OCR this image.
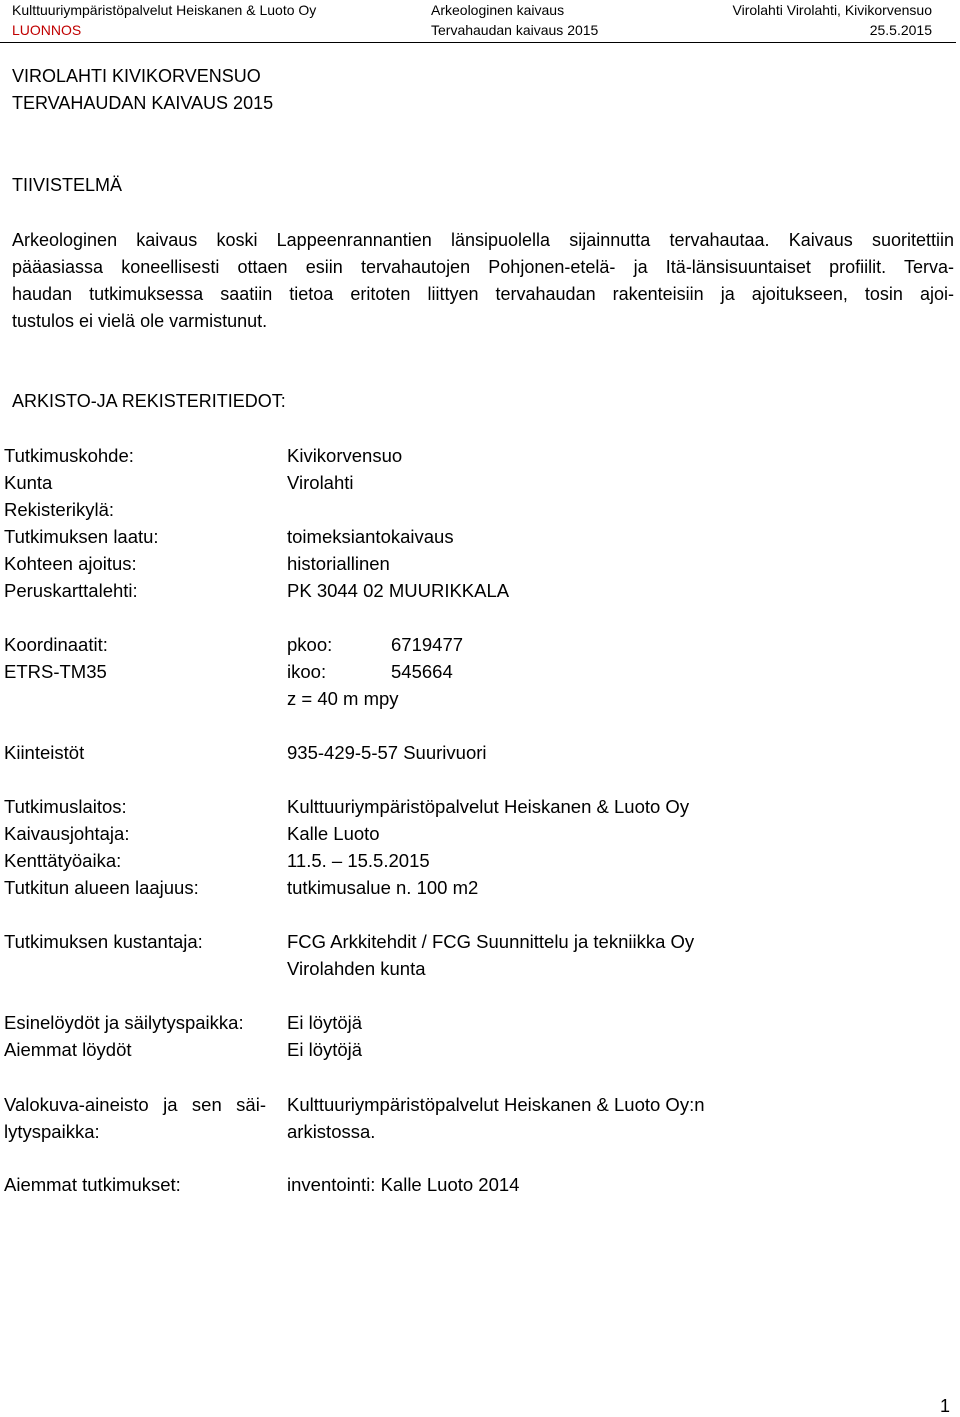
Kulttuuriympäristöpalvelut Heiskanen & Luoto Oy
LUONNOS
Arkeologinen kaivaus
Tervahaudan kaivaus 2015
Virolahti Virolahti, Kivikorvensuo
25.5.2015
VIROLAHTI KIVIKORVENSUO
TERVAHAUDAN KAIVAUS 2015
TIIVISTELMÄ
Arkeologinen kaivaus koski Lappeenrannantien länsipuolella sijainnutta tervahautaa. Kaivaus suoritettiin
pääasiassa koneellisesti ottaen esiin tervahautojen Pohjonen-etelä- ja Itä-länsisuuntaiset profiilit. Terva-
haudan tutkimuksessa saatiin tietoa eritoten liittyen tervahaudan rakenteisiin ja ajoitukseen, tosin ajoi-
tustulos ei vielä ole varmistunut.
ARKISTO-JA REKISTERITIEDOT:
Tutkimuskohde:	Kivikorvensuo
Kunta	Virolahti
Rekisterikylä:
Tutkimuksen laatu:	toimeksiantokaivaus
Kohteen ajoitus:	historiallinen
Peruskarttalehti:	PK 3044 02 MUURIKKALA
Koordinaatit:	pkoo:	6719477
ETRS-TM35	ikoo:	545664
z = 40 m mpy
Kiinteistöt	935-429-5-57 Suurivuori
Tutkimuslaitos:	Kulttuuriympäristöpalvelut Heiskanen & Luoto Oy
Kaivausjohtaja:	Kalle Luoto
Kenttätyöaika:	11.5. – 15.5.2015
Tutkitun alueen laajuus:	tutkimusalue n. 100 m2
Tutkimuksen kustantaja:	FCG Arkkitehdit / FCG Suunnittelu ja tekniikka Oy
Virolahden kunta
Esinelöydöt ja säilytyspaikka: Ei löytöjä
Aiemmat löydöt	Ei löytöjä
Valokuva-aineisto ja sen säi- Kulttuuriympäristöpalvelut Heiskanen & Luoto Oy:n
lytyspaikka:	arkistossa.
Aiemmat tutkimukset:	inventointi: Kalle Luoto 2014
1
